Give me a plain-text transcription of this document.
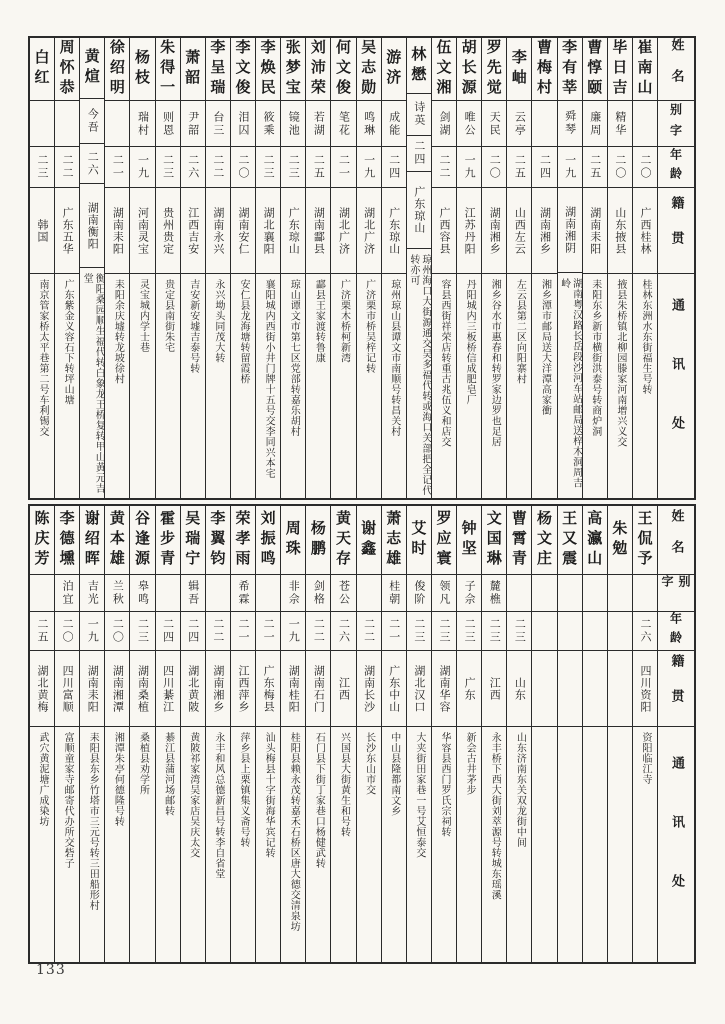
姓名
别字
年龄
籍贯
通讯处
崔南山
二〇
广西桂林
桂林东洲水东街福生号转
毕日吉
精华
二〇
山东掖县
掖县朱桥镇北柳园滕家河南增兴义交
曹惇颐
廉周
二五
湖南耒阳
耒阳东乡新市横街洪泰号转商炉洞
李有莘
舜琴
一九
湖南湘阴
湖南粤汉路长岳段沙河车站邮局送梓木洞周吉岭
曹梅村
二四
湖南湘乡
湘乡潭市邮局送大洋潭高家衝
李岫
云亭
二五
山西左云
左云县第二区向阳寨村
罗先觉
天民
二〇
湖南湘乡
湘乡谷水市惠春和转罗家边罗也足居
胡长源
唯公
一九
江苏丹阳
丹阳城内三板桥信成肥皂厂
伍文湘
剑湖
二二
广西容县
容县西街祥荣店转重古兆伍义和店交
林懋
诗英
二四
广东琼山
琼州海口大街源通交吴多福代转或海口关部把全记代转亦可
游济
成能
二四
广东琼山
琼州琼山县谭文市南顺号转昌关村
吴志勋
鸣琳
一九
湖北广济
广济栗市桥吴梓记转
何文俊
笔花
二一
湖北广济
广济栗木桥柯新湾
刘沛荣
若湖
二五
湖南酃县
酃县王家渡转鲁康
张梦宝
镜池
二三
广东琼山
琼山谭文市第七区党部转嘉乐胡村
李焕民
筱乘
二三
湖北襄阳
襄阳城内西街小井门牌十五号交李同兴本宅
李文俊
泪囚
二〇
湖南安仁
安仁县龙海塘转留霞桥
李呈瑞
台三
二二
湖南永兴
永兴坳头同茂大转
萧韶
尹韶
二六
江西吉安
吉安新安墟吉泰号转
朱得一
则恩
二三
贵州贵定
贵定县南街朱宅
杨枝
瑞村
一九
河南灵宝
灵宝城内学士巷
徐绍明
二一
湖南耒阳
耒阳余庆墟转龙坡徐村
黄煊
今吾
二六
湖南衡阳
衡阳桑园顺生福代转白象龙王桥复转甲山黄元吉堂
周怀恭
二二
广东五华
广东紫金义容石下转坪山塘
白红
二三
韩国
南京管家桥太平巷第二号车利锡交
姓名
别字
年龄
籍贯
通讯处
王侃予
二六
四川资阳
资阳临江寺
朱勉
高瀛山
王又震
杨文庄
曹霄青
二三
山东
山东济南东关双龙街中间
文国琳
麓樵
二三
江西
永丰桥下西大街刘萃源号转城东瑶溪
钟坚
子佘
二三
广东
新会古井茅步
罗应寰
领凡
二三
湖南华容
华容县西门罗氏宗祠转
艾时
俊阶
二三
湖北汉口
大夹街田家巷一号艾恒泰交
萧志雄
桂朝
二一
广东中山
中山县隆都南文乡
谢鑫
二二
湖南长沙
长沙东山市交
黄天存
苍公
二六
江西
兴国县大街黄生和号转
杨鹏
剑格
二二
湖南石门
石门县下街丁家巷口杨健武转
周珠
非佘
一九
湖南桂阳
桂阳县赖永茂转嘉禾石桥区唐大德交清泉坊
刘振鸣
二一
广东梅县
汕头梅县十字街海华宾记转
荣孝雨
希霖
二一
江西萍乡
萍乡县上栗镇集义斋号转
李翼钧
二二
湖南湘乡
永丰和风总德新昌号转李自省堂
吴瑞宁
辑吾
二四
湖北黄陂
黄陂祁家湾吴家店吴庆太交
霍步青
二四
四川綦江
綦江县蒲河场邮转
谷逢源
皋鸣
二三
湖南桑植
桑植县劝学所
黄本雄
兰秋
二〇
湖南湘潭
湘潭朱亭何德隆号转
谢绍晖
吉光
一九
湖南耒阳
耒阳县东乡竹塔市三元号转三田船形村
李德壎
泊宜
二〇
四川富顺
富顺童家寺邮寄代办所交砦子
陈庆芳
二五
湖北黄梅
武穴黄泥塘广成染坊
133
